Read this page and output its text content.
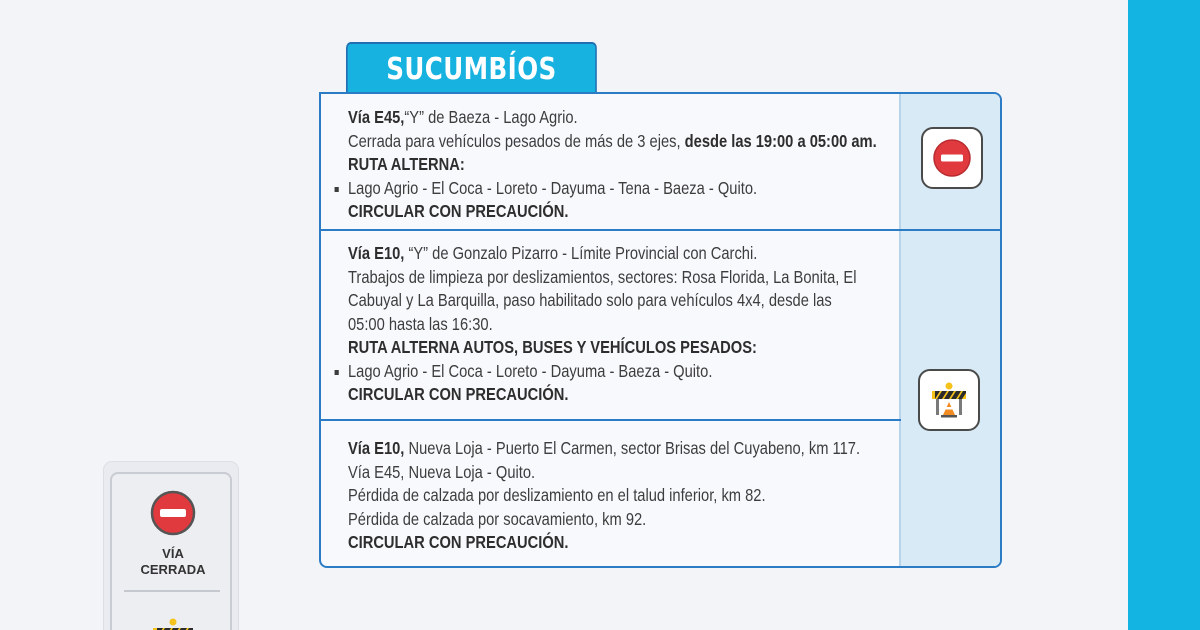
VÍA
CERRADA
SUCUMBÍOS
Vía E45,“Y” de Baeza - Lago Agrio.
Cerrada para vehículos pesados de más de 3 ejes, desde las 19:00 a 05:00 am.
RUTA ALTERNA:
Lago Agrio - El Coca - Loreto - Dayuma - Tena - Baeza - Quito.
CIRCULAR CON PRECAUCIÓN.
Vía E10, “Y” de Gonzalo Pizarro - Límite Provincial con Carchi.
Trabajos de limpieza por deslizamientos, sectores: Rosa Florida, La Bonita, El
Cabuyal y La Barquilla, paso habilitado solo para vehículos 4x4, desde las
05:00 hasta las 16:30.
RUTA ALTERNA AUTOS, BUSES Y VEHÍCULOS PESADOS:
Lago Agrio - El Coca - Loreto - Dayuma - Baeza - Quito.
CIRCULAR CON PRECAUCIÓN.
Vía E10, Nueva Loja - Puerto El Carmen, sector Brisas del Cuyabeno, km 117.
Vía E45, Nueva Loja - Quito.
Pérdida de calzada por deslizamiento en el talud inferior, km 82.
Pérdida de calzada por socavamiento, km 92.
CIRCULAR CON PRECAUCIÓN.
